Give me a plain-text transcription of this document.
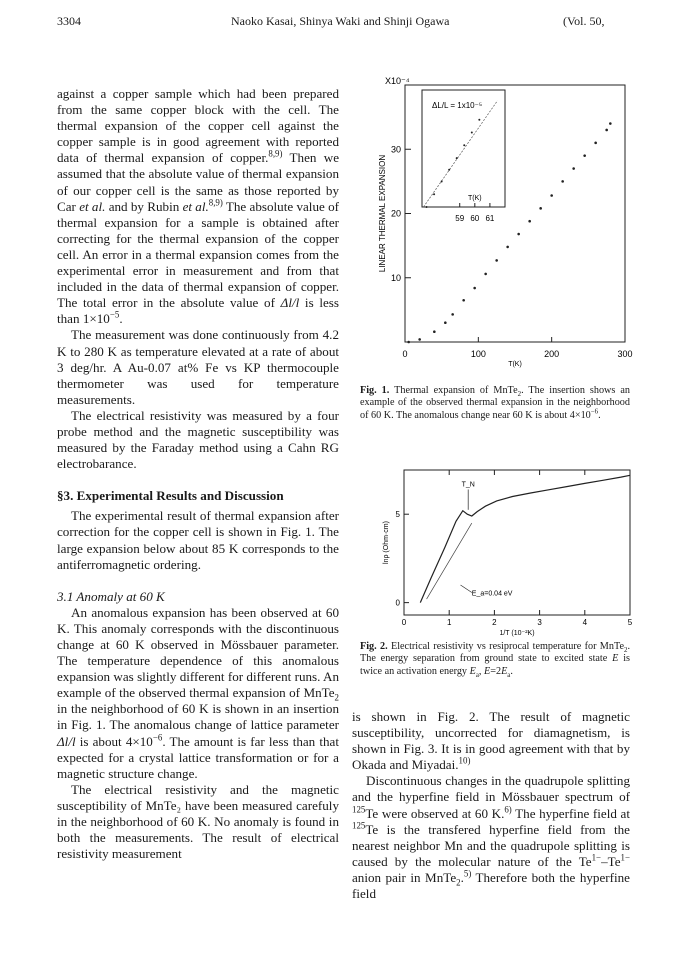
3304	Naoko Kasai, Shinya Waki and Shinji Ogawa	(Vol. 50,

against a copper sample which had been prepared from the same copper block with the cell. The thermal expansion of the copper cell against the copper sample is in good agreement with reported data of thermal expansion of copper.$^{8,9)}$ Then we assumed that the absolute value of thermal expansion of our copper cell is the same as those reported by Car et al. and by Rubin et al.$^{8,9)}$ The absolute value of thermal expansion for a sample is obtained after correcting for the thermal expansion of the copper cell. An error in a thermal expansion comes from the experimental error in measurement and from that included in the data of thermal expansion of copper. The total error in the absolute value of Δl/l is less than $1\times 10^{-5}$.

The measurement was done continuously from 4.2 K to 280 K as temperature elevated at a rate of about 3 deg/hr. A Au-0.07 at% Fe vs KP thermocouple thermometer was used for temperature measurements.

The electrical resistivity was measured by a four probe method and the magnetic susceptibility was measured by the Faraday method using a Cahn RG electrobarance.

§3. Experimental Results and Discussion

The experimental result of thermal expansion after correction for the copper cell is shown in Fig. 1. The large expansion below about 85 K corresponds to the antiferromagnetic ordering.

3.1 Anomaly at 60 K

An anomalous expansion has been observed at 60 K. This anomaly corresponds with the discontinuous change at 60 K observed in Mössbauer parameter. The temperature dependence of this anomalous expansion was slightly different for different runs. An example of the observed thermal expansion of MnTe$_2$ in the neighborhood of 60 K is shown in an insertion in Fig. 1. The anomalous change of lattice parameter Δl/l is about $4\times 10^{-6}$. The amount is far less than that expected for a crystal lattice transformation or for a magnetic structure change.

The electrical resistivity and the magnetic susceptibility of MnTe₂ have been measured carefuly in the neighborhood of 60 K. No anomaly is found in both the measurements. The result of electrical resistivity measurement

0	100	200	300
10
20
30
T(K)
LINEAR THERMAL EXPANSION
X10⁻⁴
ΔL/L = 1x10⁻⁵
59 60 61
T(K)
Fig. 1. Thermal expansion of MnTe$_2$. The insertion shows an example of the observed thermal expansion in the neighborhood of 60 K. The anomalous change near 60 K is about $4\times 10^{-6}$.
0	1	2	3	4	5
0
5
1/T (10⁻²K)
lnρ (Ohm·cm)
T_N
E_a=0.04 eV
Fig. 2. Electrical resistivity vs resiprocal temperature for MnTe$_2$. The energy separation from ground state to excited state E is twice an activation energy $E_a$, $E=2E_a$.

is shown in Fig. 2. The result of magnetic susceptibility, uncorrected for diamagnetism, is shown in Fig. 3. It is in good agreement with that by Okada and Miyadai.$^{10)}$

Discontinuous changes in the quadrupole splitting and the hyperfine field in Mössbauer spectrum of $^{125}$Te were observed at 60 K.$^{6)}$ The hyperfine field at $^{125}$Te is the transfered hyperfine field from the nearest neighbor Mn and the quadrupole splitting is caused by the molecular nature of the $Te^{1-}-Te^{1-}$ anion pair in MnTe$_2$.$^{5)}$ Therefore both the hyperfine field
